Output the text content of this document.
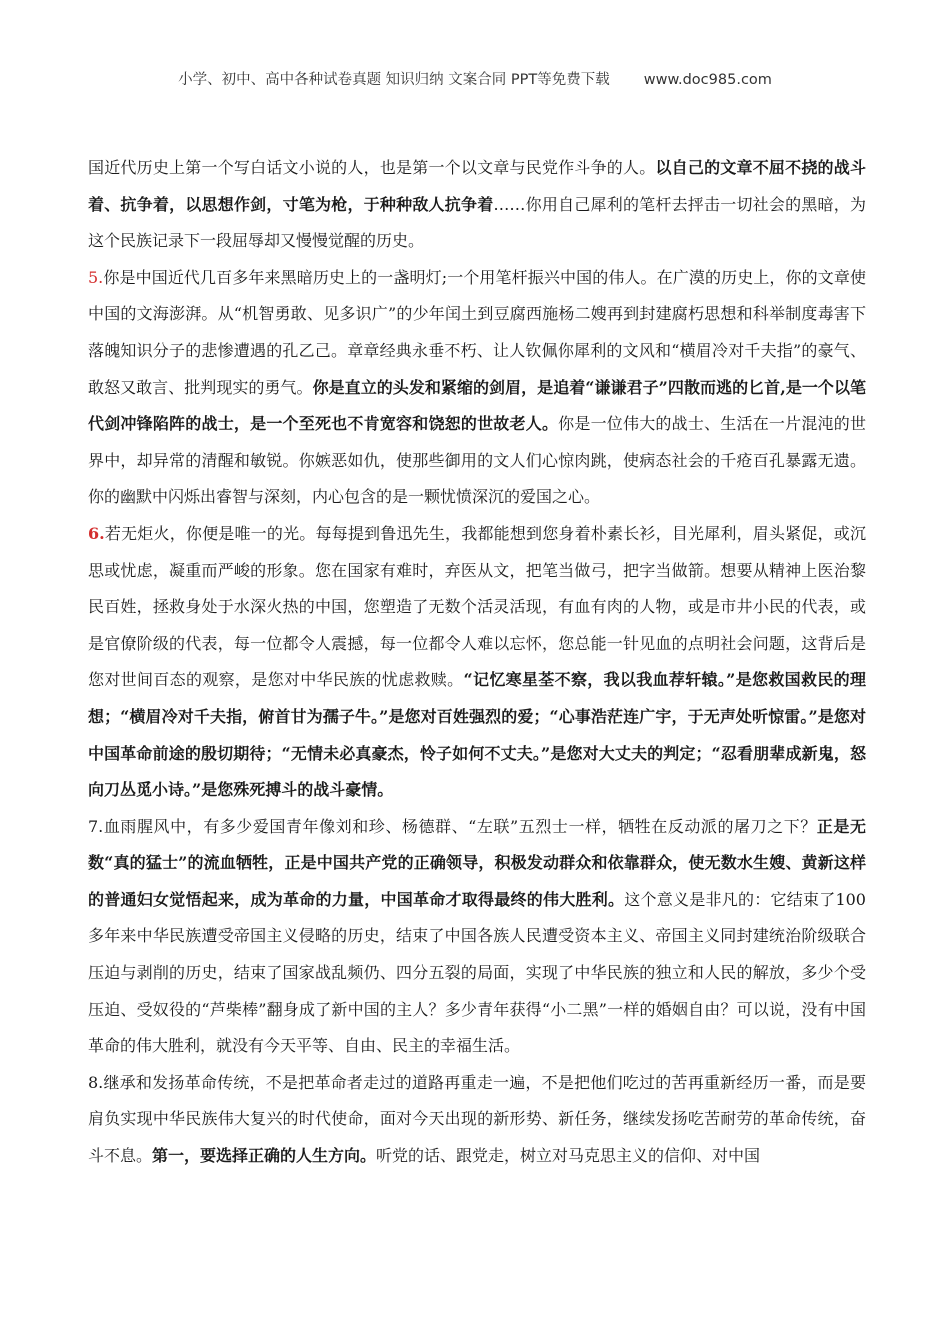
小学、初中、高中各种试卷真题 知识归纳 文案合同 PPT等免费下载 www.doc985.com

国近代历史上第一个写白话文小说的人，也是第一个以文章与民党作斗争的人。以自己的文章不屈不挠的战斗着、抗争着，以思想作剑，寸笔为枪，于种种敌人抗争着……你用自己犀利的笔杆去抨击一切社会的黑暗，为这个民族记录下一段屈辱却又慢慢觉醒的历史。

5.你是中国近代几百多年来黑暗历史上的一盏明灯;一个用笔杆振兴中国的伟人。在广漠的历史上，你的文章使中国的文海澎湃。从“机智勇敢、见多识广”的少年闰土到豆腐西施杨二嫂再到封建腐朽思想和科举制度毒害下落魄知识分子的悲惨遭遇的孔乙己。章章经典永垂不朽、让人钦佩你犀利的文风和“横眉冷对千夫指”的豪气、敢怒又敢言、批判现实的勇气。你是直立的头发和紧缩的剑眉，是追着“谦谦君子”四散而逃的匕首,是一个以笔代剑冲锋陷阵的战士，是一个至死也不肯宽容和饶恕的世故老人。你是一位伟大的战士、生活在一片混沌的世界中，却异常的清醒和敏锐。你嫉恶如仇，使那些御用的文人们心惊肉跳，使病态社会的千疮百孔暴露无遗。你的幽默中闪烁出睿智与深刻，内心包含的是一颗忧愤深沉的爱国之心。

6.若无炬火，你便是唯一的光。每每提到鲁迅先生，我都能想到您身着朴素长衫，目光犀利，眉头紧促，或沉思或忧虑，凝重而严峻的形象。您在国家有难时，弃医从文，把笔当做弓，把字当做箭。想要从精神上医治黎民百姓，拯救身处于水深火热的中国，您塑造了无数个活灵活现，有血有肉的人物，或是市井小民的代表，或是官僚阶级的代表，每一位都令人震撼，每一位都令人难以忘怀，您总能一针见血的点明社会问题，这背后是您对世间百态的观察，是您对中华民族的忧虑救赎。“记忆寒星荃不察，我以我血荐轩辕。”是您救国救民的理想；“横眉冷对千夫指，俯首甘为孺子牛。”是您对百姓强烈的爱；“心事浩茫连广宇，于无声处听惊雷。”是您对中国革命前途的殷切期待；“无情未必真豪杰，怜子如何不丈夫。”是您对大丈夫的判定；“忍看朋辈成新鬼，怒向刀丛觅小诗。”是您殊死搏斗的战斗豪情。

7.血雨腥风中，有多少爱国青年像刘和珍、杨德群、“左联”五烈士一样，牺牲在反动派的屠刀之下？正是无数“真的猛士”的流血牺牲，正是中国共产党的正确领导，积极发动群众和依靠群众，使无数水生嫂、黄新这样的普通妇女觉悟起来，成为革命的力量，中国革命才取得最终的伟大胜利。这个意义是非凡的：它结束了100多年来中华民族遭受帝国主义侵略的历史，结束了中国各族人民遭受资本主义、帝国主义同封建统治阶级联合压迫与剥削的历史，结束了国家战乱频仍、四分五裂的局面，实现了中华民族的独立和人民的解放，多少个受压迫、受奴役的“芦柴棒”翻身成了新中国的主人？多少青年获得“小二黑”一样的婚姻自由？可以说，没有中国革命的伟大胜利，就没有今天平等、自由、民主的幸福生活。

8.继承和发扬革命传统，不是把革命者走过的道路再重走一遍，不是把他们吃过的苦再重新经历一番，而是要肩负实现中华民族伟大复兴的时代使命，面对今天出现的新形势、新任务，继续发扬吃苦耐劳的革命传统，奋斗不息。第一，要选择正确的人生方向。听党的话、跟党走，树立对马克思主义的信仰、对中国
